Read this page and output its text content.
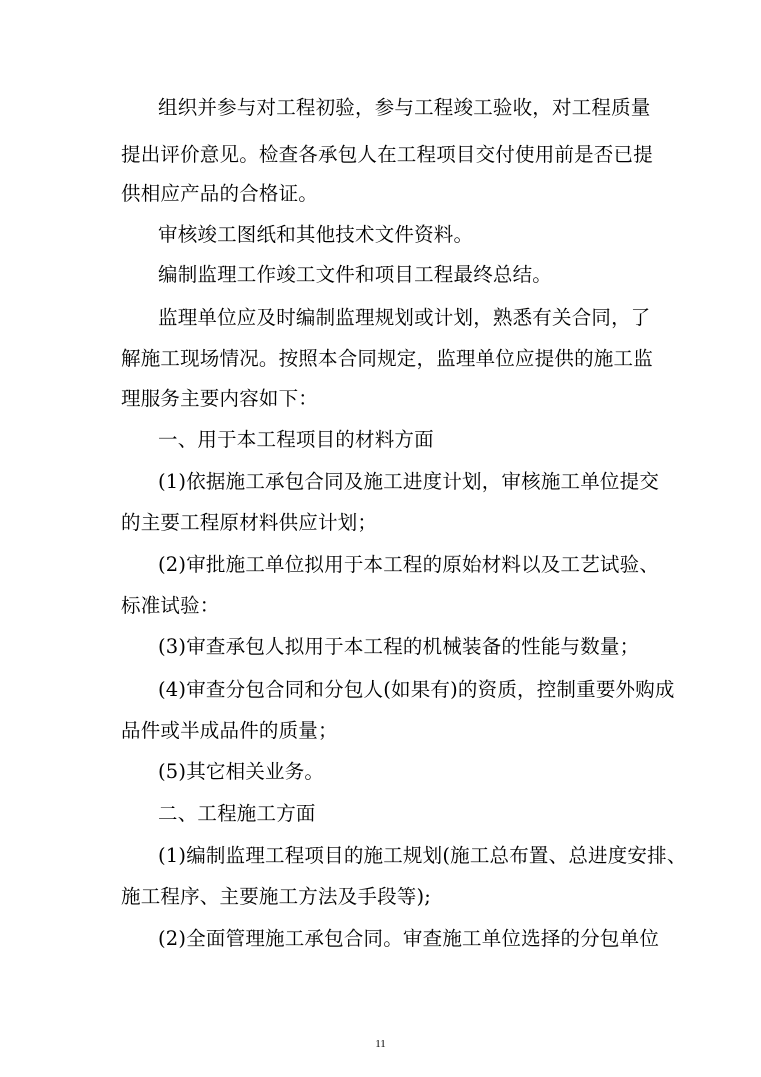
组织并参与对工程初验，参与工程竣工验收，对工程质量
提出评价意见。检查各承包人在工程项目交付使用前是否已提
供相应产品的合格证。
审核竣工图纸和其他技术文件资料。
编制监理工作竣工文件和项目工程最终总结。
监理单位应及时编制监理规划或计划，熟悉有关合同，了
解施工现场情况。按照本合同规定，监理单位应提供的施工监
理服务主要内容如下：
一、用于本工程项目的材料方面
(1)依据施工承包合同及施工进度计划，审核施工单位提交
的主要工程原材料供应计划；
(2)审批施工单位拟用于本工程的原始材料以及工艺试验、
标准试验：
(3)审查承包人拟用于本工程的机械装备的性能与数量；
(4)审查分包合同和分包人(如果有)的资质，控制重要外购成
品件或半成品件的质量；
(5)其它相关业务。
二、工程施工方面
(1)编制监理工程项目的施工规划(施工总布置、总进度安排、
施工程序、主要施工方法及手段等);
(2)全面管理施工承包合同。审查施工单位选择的分包单位
11
